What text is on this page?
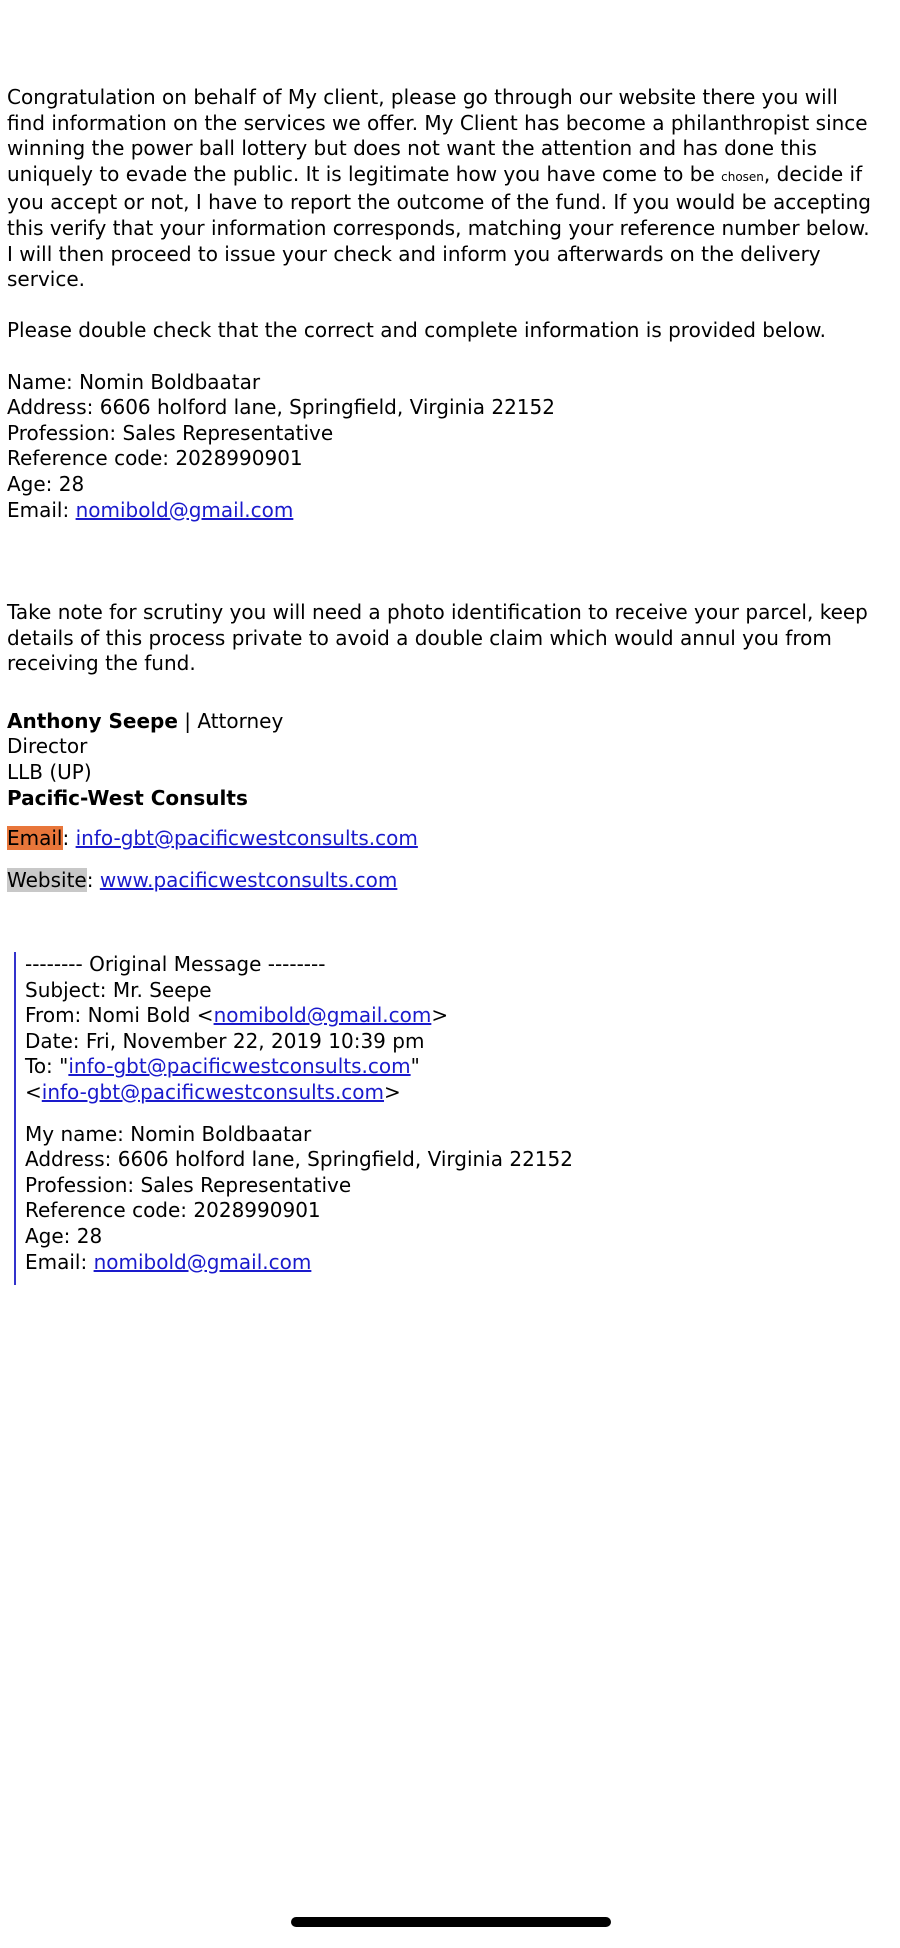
Congratulation on behalf of My client, please go through our website there you will
find information on the services we offer. My Client has become a philanthropist since
winning the power ball lottery but does not want the attention and has done this
uniquely to evade the public. It is legitimate how you have come to be chosen, decide if
you accept or not, I have to report the outcome of the fund. If you would be accepting
this verify that your information corresponds, matching your reference number below.
I will then proceed to issue your check and inform you afterwards on the delivery
service.
Please double check that the correct and complete information is provided below.
Name: Nomin Boldbaatar
Address: 6606 holford lane, Springfield, Virginia 22152
Profession: Sales Representative
Reference code: 2028990901
Age: 28
Email: nomibold@gmail.com
Take note for scrutiny you will need a photo identification to receive your parcel, keep
details of this process private to avoid a double claim which would annul you from
receiving the fund.
Anthony Seepe | Attorney
Director
LLB (UP)
Pacific-West Consults
Email: info-gbt@pacificwestconsults.com
Website: www.pacificwestconsults.com
-------- Original Message --------
Subject: Mr. Seepe
From: Nomi Bold <nomibold@gmail.com>
Date: Fri, November 22, 2019 10:39 pm
To: "info-gbt@pacificwestconsults.com"
<info-gbt@pacificwestconsults.com>
My name: Nomin Boldbaatar
Address: 6606 holford lane, Springfield, Virginia 22152
Profession: Sales Representative
Reference code: 2028990901
Age: 28
Email: nomibold@gmail.com
